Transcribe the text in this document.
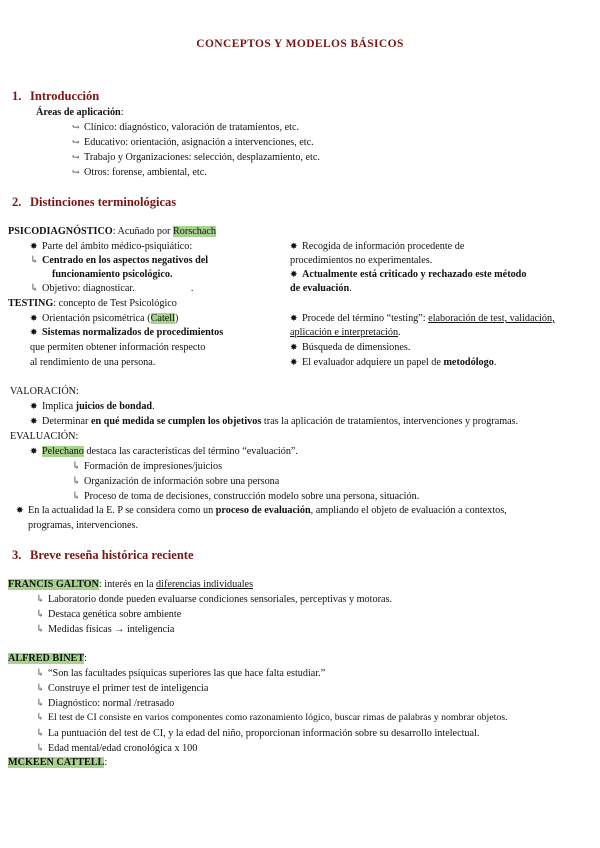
CONCEPTOS Y MODELOS BÁSICOS
1. Introducción
Áreas de aplicación:
↪ Clínico: diagnóstico, valoración de tratamientos, etc.
↪ Educativo: orientación, asignación a intervenciones, etc.
↪ Trabajo y Organizaciones: selección, desplazamiento, etc.
↪ Otros: forense, ambiental, etc.
2. Distinciones terminológicas
PSICODIAGNÓSTICO: Acuñado por Rorschach
✸ Parte del ámbito médico-psiquiático:
↳ Centrado en los aspectos negativos del
funcionamiento psicológico.
↳ Objetivo: diagnosticar.	.
✸ Recogida de información procedente de
procedimientos no experimentales.
✸ Actualmente está criticado y rechazado este método
de evaluación.
TESTING: concepto de Test Psicológico
✸ Orientación psicométrica (Catell)
✸ Sistemas normalizados de procedimientos
que permiten obtener información respecto
al rendimiento de una persona.
✸ Procede del término “testing”: elaboración de test, validación,
aplicación e interpretación.
✸ Búsqueda de dimensiones.
✸ El evaluador adquiere un papel de metodólogo.
VALORACIÓN:
✸ Implica juicios de bondad.
✸ Determinar en qué medida se cumplen los objetivos tras la aplicación de tratamientos, intervenciones y programas.
EVALUACIÓN:
✸ Pelechano destaca las características del término “evaluación”.
↳ Formación de impresiones/juicios
↳ Organización de información sobre una persona
↳ Proceso de toma de decisiones, construcción modelo sobre una persona, situación.
✸ En la actualidad la E. P se considera como un proceso de evaluación, ampliando el objeto de evaluación a contextos,
programas, intervenciones.
3. Breve reseña histórica reciente
FRANCIS GALTON: interés en la diferencias individuales
↳ Laboratorio donde pueden evaluarse condiciones sensoriales, perceptivas y motoras.
↳ Destaca genética sobre ambiente
↳ Medidas físicas → inteligencia
ALFRED BINET:
↳ “Son las facultades psíquicas superiores las que hace falta estudiar.”
↳ Construye el primer test de inteligencia
↳ Diagnóstico: normal /retrasado
↳ El test de CI consiste en varios componentes como razonamiento lógico, buscar rimas de palabras y nombrar objetos.
↳ La puntuación del test de CI, y la edad del niño, proporcionan información sobre su desarrollo intelectual.
↳ Edad mental/edad cronológica x 100
MCKEEN CATTELL:
